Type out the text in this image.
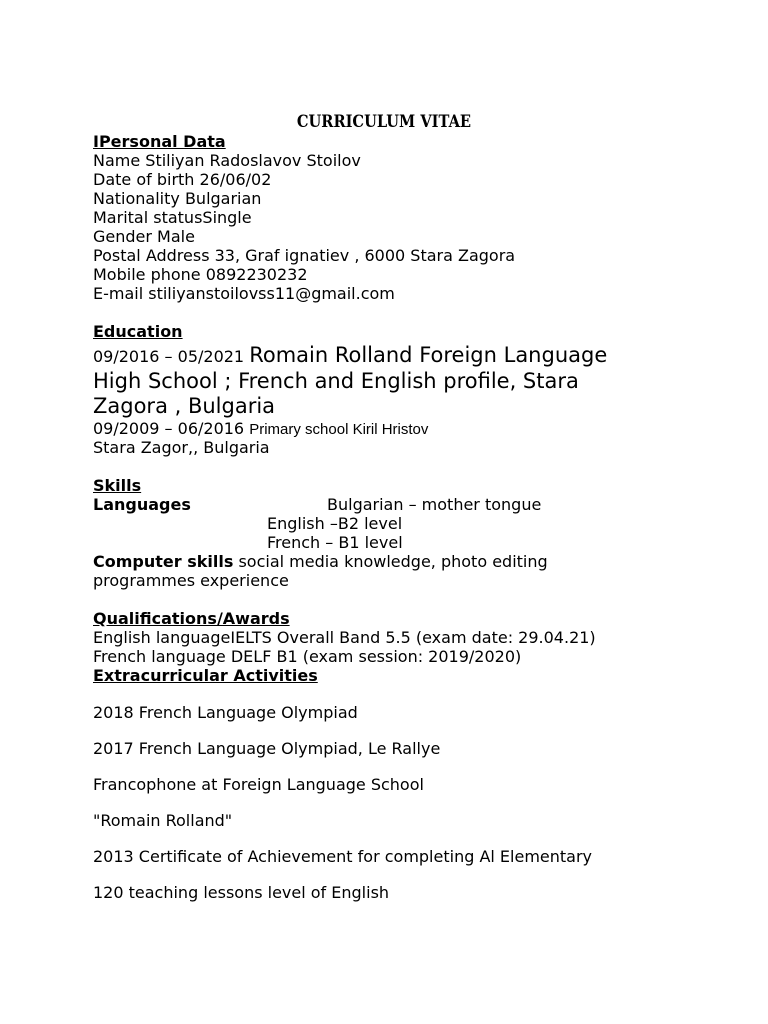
CURRICULUM VITAE
IPersonal Data
Name Stiliyan Radoslavov Stoilov
Date of birth 26/06/02
Nationality Bulgarian
Marital statusSingle
Gender Male
Postal Address 33, Graf ignatiev , 6000 Stara Zagora
Mobile phone 0892230232
E-mail stiliyanstoilovss11@gmail.com
Education
09/2016 – 05/2021 Romain Rolland Foreign Language
High School ; French and English profile, Stara
Zagora , Bulgaria
09/2009 – 06/2016 Primary school Kiril Hristov
Stara Zagor,, Bulgaria
Skills
Languages	Bulgarian – mother tongue
English –B2 level
French – B1 level
Computer skills social media knowledge, photo editing
programmes experience
Qualifications/Awards
English languageIELTS Overall Band 5.5 (exam date: 29.04.21)
French language DELF B1 (exam session: 2019/2020)
Extracurricular Activities
2018 French Language Olympiad
2017 French Language Olympiad, Le Rallye
Francophone at Foreign Language School
"Romain Rolland"
2013 Certificate of Achievement for completing Al Elementary
120 teaching lessons level of English
